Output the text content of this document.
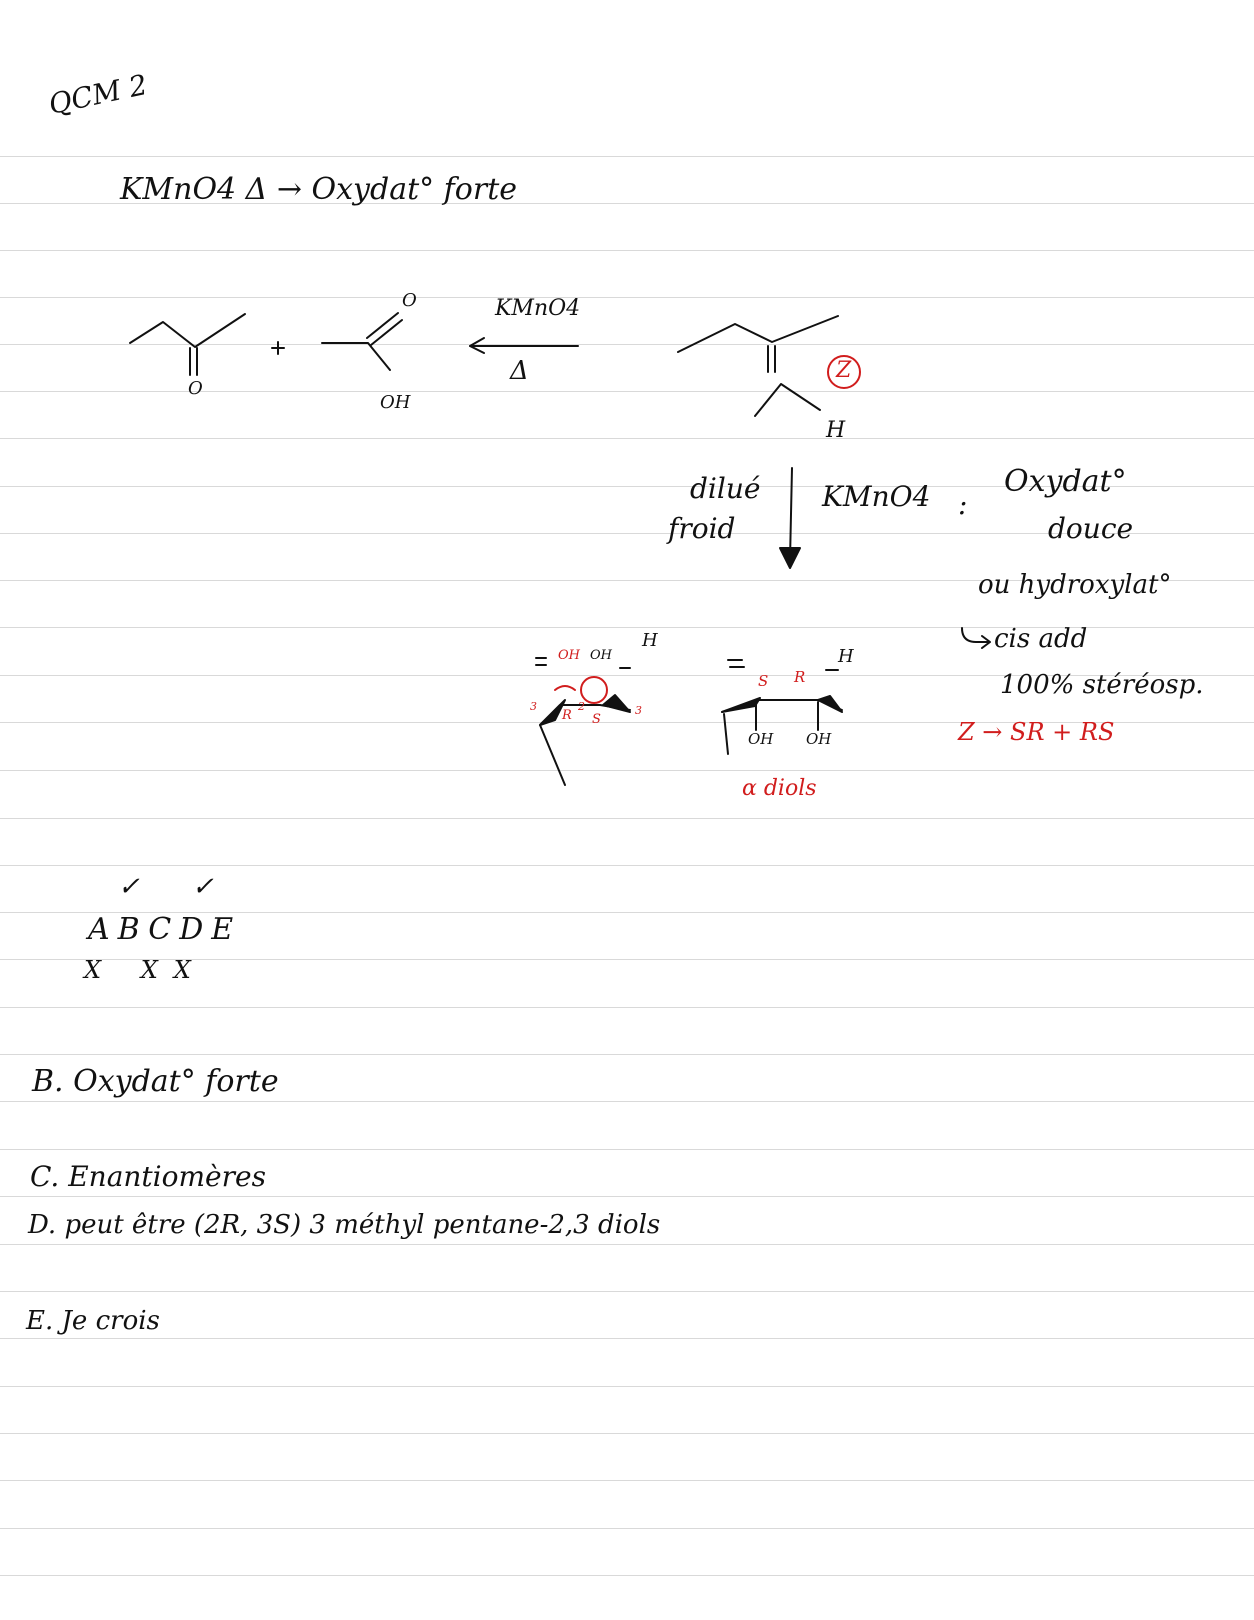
QCM 2
KMnO4 Δ → Oxydat° forte
O
O
OH
KMnO4
Δ	Z
H
dilué
froid
KMnO4 :
Oxydat°
douce
ou hydroxylat°
cis add
100% stéréosp.
Z → SR + RS
OH OH
H
R S
3	3
2
S R
H
OH OH
α diols
✓ ✓
ABCDE
X XX
B. Oxydat° forte
C. Enantiomères
D. peut être (2R, 3S) 3 méthyl pentane-2,3 diols
E. Je crois
